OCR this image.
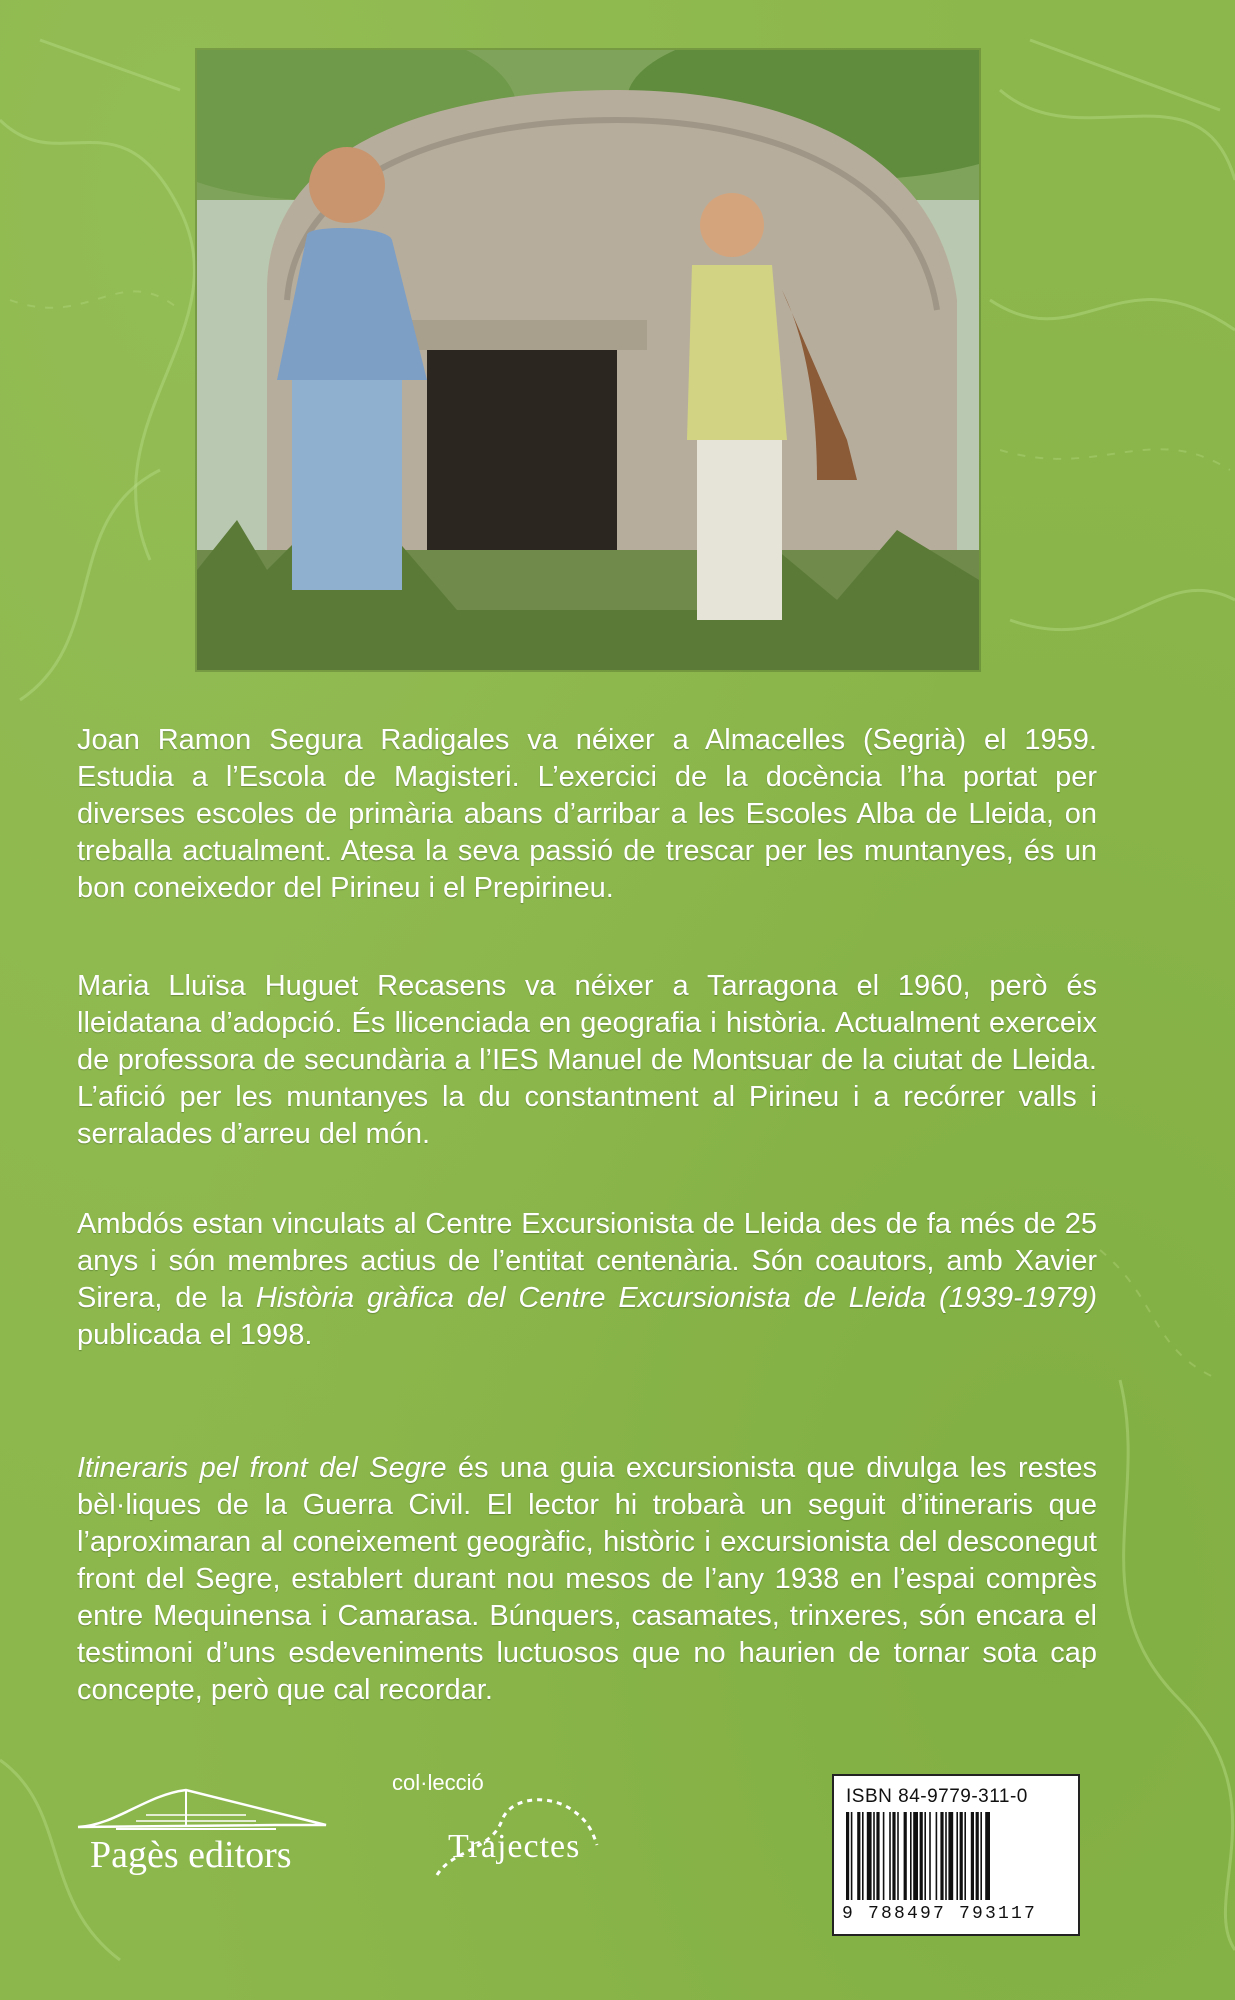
Joan Ramon Segura Radigales va néixer a Almacelles (Segrià) el 1959. Estudia a l’Escola de Magisteri. L’exercici de la docència l’ha portat per diverses escoles de primària abans d’arribar a les Escoles Alba de Lleida, on treballa actualment. Atesa la seva passió de trescar per les muntanyes, és un bon coneixedor del Pirineu i el Prepirineu.

Maria Lluïsa Huguet Recasens va néixer a Tarragona el 1960, però és lleidatana d’adopció. És llicenciada en geografia i història. Actualment exerceix de professora de secundària a l’IES Manuel de Montsuar de la ciutat de Lleida. L’afició per les muntanyes la du constantment al Pirineu i a recórrer valls i serralades d’arreu del món.

Ambdós estan vinculats al Centre Excursionista de Lleida des de fa més de 25 anys i són membres actius de l’entitat centenària. Són coautors, amb Xavier Sirera, de la Història gràfica del Centre Excursionista de Lleida (1939-1979) publicada el 1998.

Itineraris pel front del Segre és una guia excursionista que divulga les restes bèl·liques de la Guerra Civil. El lector hi trobarà un seguit d’itineraris que l’aproximaran al coneixement geogràfic, històric i excursionista del desconegut front del Segre, establert durant nou mesos de l’any 1938 en l’espai comprès entre Mequinensa i Camarasa. Búnquers, casamates, trinxeres, són encara el testimoni d’uns esdeveniments luctuosos que no haurien de tornar sota cap concepte, però que cal recordar.

Pagès editors
col·lecció
Trajectes
ISBN 84-9779-311-0
9 788497 793117
